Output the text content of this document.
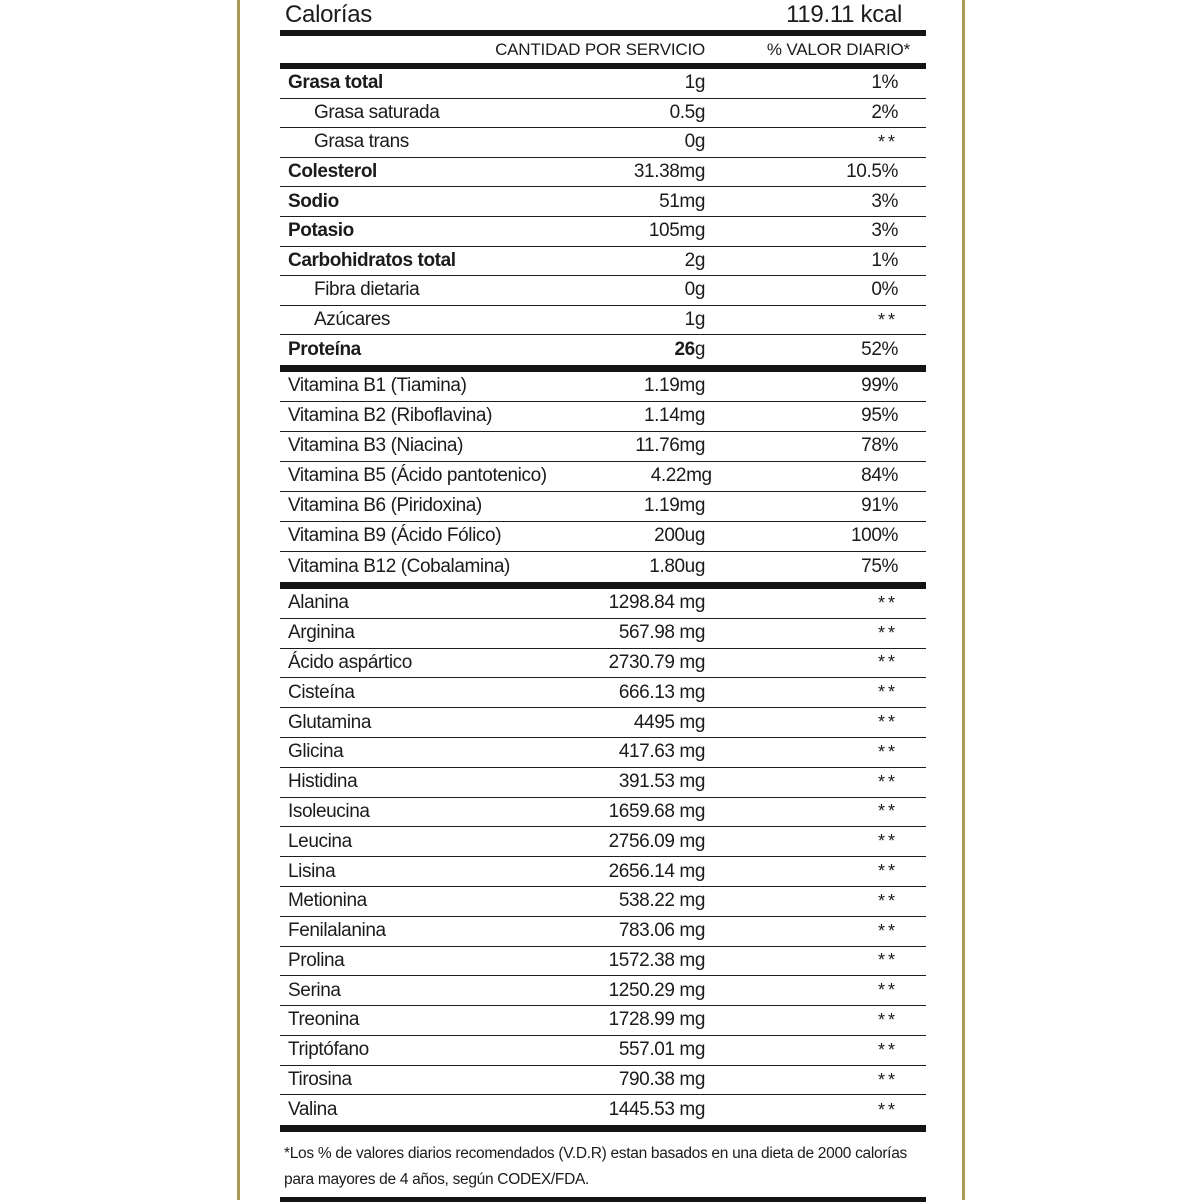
Calorías	119.11 kcal
CANTIDAD POR SERVICIO	% VALOR DIARIO*
Grasa total	1g	1%
Grasa saturada	0.5g	2%
Grasa trans	0g	**
Colesterol	31.38mg	10.5%
Sodio	51mg	3%
Potasio	105mg	3%
Carbohidratos total	2g	1%
Fibra dietaria	0g	0%
Azúcares	1g	**
Proteína	26g	52%
Vitamina B1 (Tiamina)	1.19mg	99%
Vitamina B2 (Riboflavina)	1.14mg	95%
Vitamina B3 (Niacina)	11.76mg	78%
Vitamina B5 (Ácido pantotenico)	4.22mg	84%
Vitamina B6 (Piridoxina)	1.19mg	91%
Vitamina B9 (Ácido Fólico)	200ug	100%
Vitamina B12 (Cobalamina)	1.80ug	75%
Alanina	1298.84 mg	**
Arginina	567.98 mg	**
Ácido aspártico	2730.79 mg	**
Cisteína	666.13 mg	**
Glutamina	4495 mg	**
Glicina	417.63 mg	**
Histidina	391.53 mg	**
Isoleucina	1659.68 mg	**
Leucina	2756.09 mg	**
Lisina	2656.14 mg	**
Metionina	538.22 mg	**
Fenilalanina	783.06 mg	**
Prolina	1572.38 mg	**
Serina	1250.29 mg	**
Treonina	1728.99 mg	**
Triptófano	557.01 mg	**
Tirosina	790.38 mg	**
Valina	1445.53 mg	**
*Los % de valores diarios recomendados (V.D.R) estan basados en una dieta de 2000 calorías
para mayores de 4 años, según CODEX/FDA.
